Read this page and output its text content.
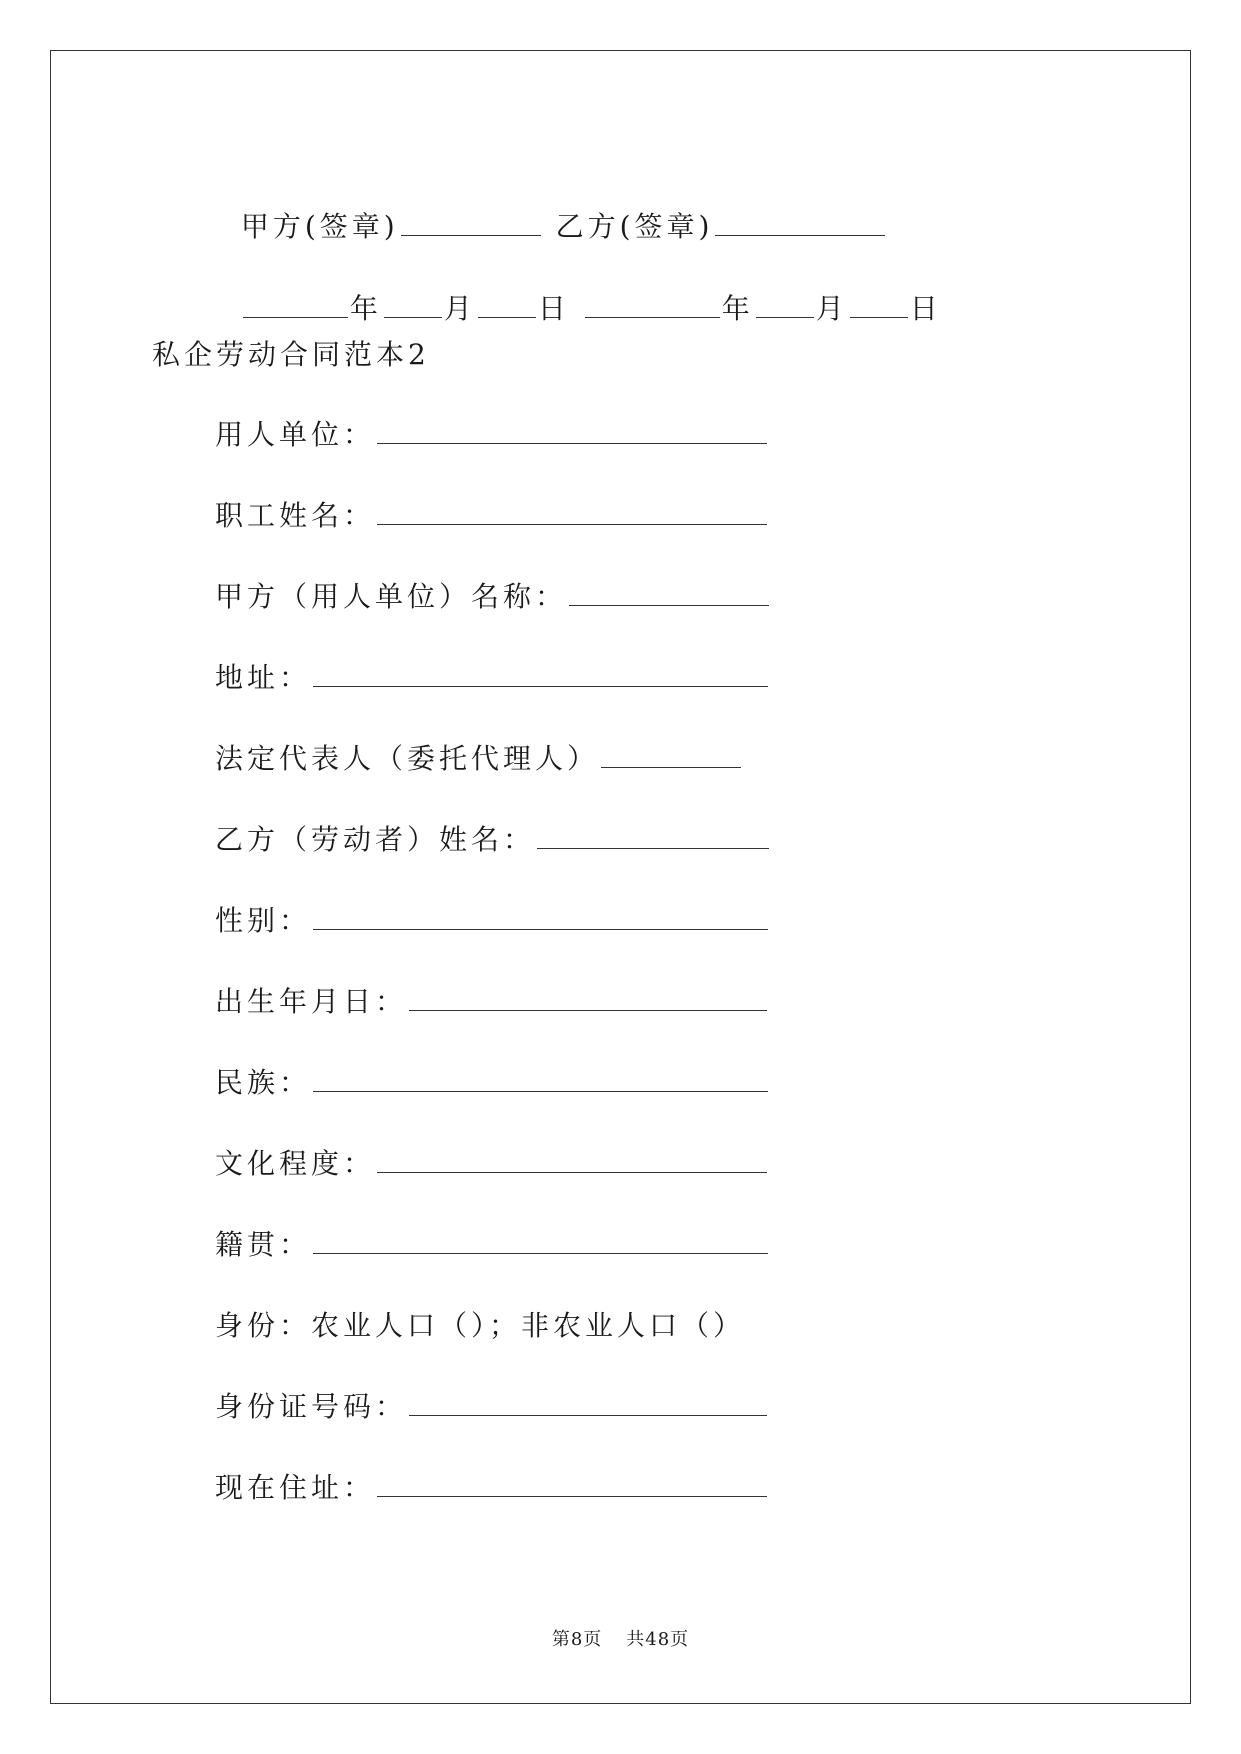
甲方(签章)	乙方(签章)

年 月 日	年 月 日

私企劳动合同范本2
用人单位：
职工姓名：
甲方（用人单位）名称：
地址：
法定代表人（委托代理人）
乙方（劳动者）姓名：
性别：
出生年月日：
民族：
文化程度：
籍贯：
身份：农业人口（）；非农业人口（）
身份证号码：
现在住址：
第8页 共48页
